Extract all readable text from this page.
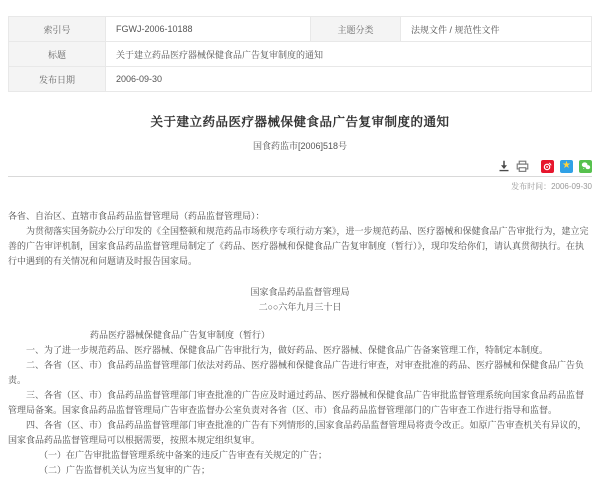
索引号	FGWJ-2006-10188	主题分类	法规文件 / 规范性文件
标题	关于建立药品医疗器械保健食品广告复审制度的通知		
发布日期	2006-09-30		
关于建立药品医疗器械保健食品广告复审制度的通知
国食药监市[2006]518号
★
发布时间：2006-09-30

各省、自治区、直辖市食品药品监督管理局（药品监督管理局）：

为贯彻落实国务院办公厅印发的《全国整顿和规范药品市场秩序专项行动方案》，进一步规范药品、医疗器械和保健食品广告审批行为，建立完善的广告审评机制，国家食品药品监督管理局制定了《药品、医疗器械和保健食品广告复审制度（暂行）》，现印发给你们，请认真贯彻执行。在执行中遇到的有关情况和问题请及时报告国家局。

国家食品药品监督管理局

二○○六年九月三十日

药品医疗器械保健食品广告复审制度（暂行）

一、为了进一步规范药品、医疗器械、保健食品广告审批行为，做好药品、医疗器械、保健食品广告备案管理工作，特制定本制度。

二、各省（区、市）食品药品监督管理部门依法对药品、医疗器械和保健食品广告进行审查，对审查批准的药品、医疗器械和保健食品广告负责。

三、各省（区、市）食品药品监督管理部门审查批准的广告应及时通过药品、医疗器械和保健食品广告审批监督管理系统向国家食品药品监督管理局备案。国家食品药品监督管理局广告审查监督办公室负责对各省（区、市）食品药品监督管理部门的广告审查工作进行指导和监督。

四、各省（区、市）食品药品监督管理部门审查批准的广告有下列情形的,国家食品药品监督管理局将责令改正。如原广告审查机关有异议的，国家食品药品监督管理局可以根据需要，按照本规定组织复审。

（一）在广告审批监督管理系统中备案的违反广告审查有关规定的广告；

（二）广告监督机关认为应当复审的广告；
